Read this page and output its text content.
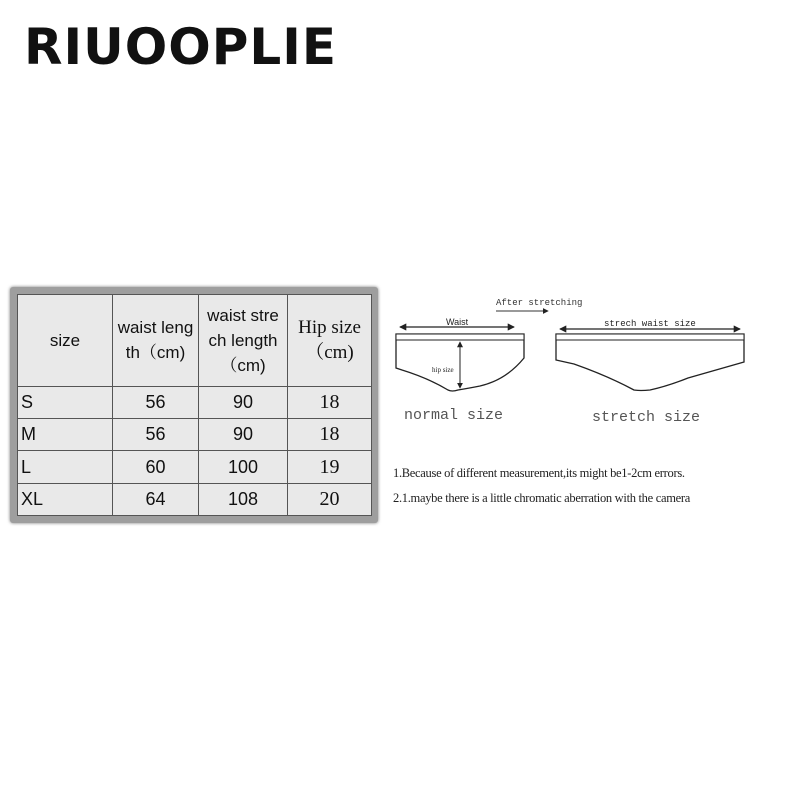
RIUOOPLIE
size	waist leng th（cm)	waist stre ch length（cm)	Hip size（cm)
S	56	90	18
M	56	90	18
L	60	100	19
XL	64	108	20
After stretching
Waist
hip size
normal size
strech waist size
stretch size
1.Because of different measurement,its might be1-2cm errors.
2.1.maybe there is a little chromatic aberration with the camera
